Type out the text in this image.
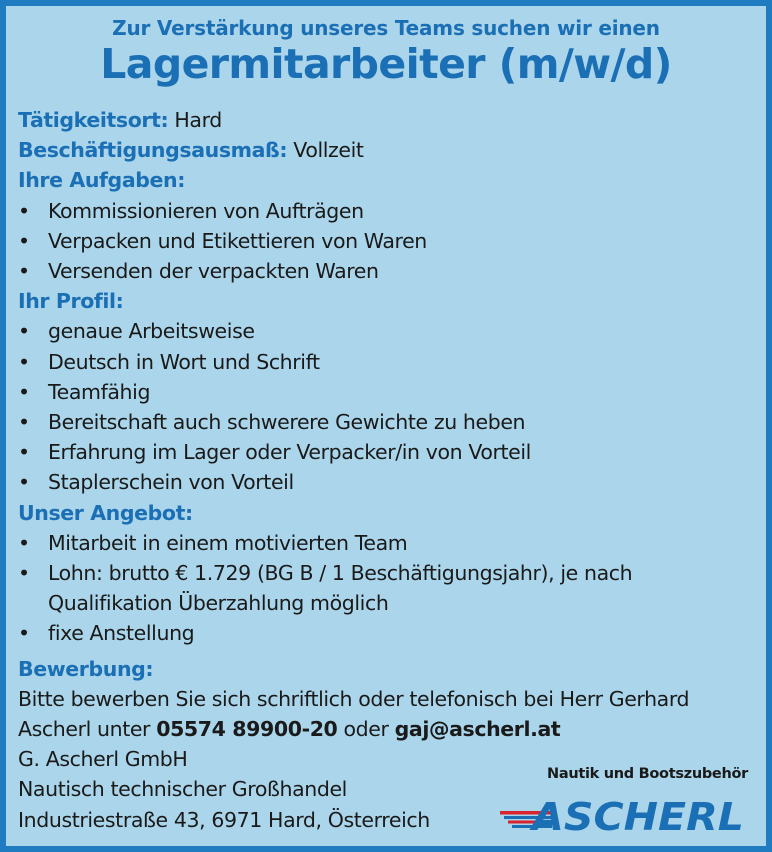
Zur Verstärkung unseres Teams suchen wir einen
Lagermitarbeiter (m/w/d)
Tätigkeitsort: Hard
Beschäftigungsausmaß: Vollzeit
Ihre Aufgaben:
• Kommissionieren von Aufträgen
• Verpacken und Etikettieren von Waren
• Versenden der verpackten Waren
Ihr Profil:
• genaue Arbeitsweise
• Deutsch in Wort und Schrift
• Teamfähig
• Bereitschaft auch schwerere Gewichte zu heben
• Erfahrung im Lager oder Verpacker/in von Vorteil
• Staplerschein von Vorteil
Unser Angebot:
• Mitarbeit in einem motivierten Team
• Lohn: brutto € 1.729 (BG B / 1 Beschäftigungsjahr), je nach
Qualifikation Überzahlung möglich
• fixe Anstellung
Bewerbung:
Bitte bewerben Sie sich schriftlich oder telefonisch bei Herr Gerhard
Ascherl unter 05574 89900-20 oder gaj@ascherl.at
G. Ascherl GmbH
Nautisch technischer Großhandel
Industriestraße 43, 6971 Hard, Österreich
Nautik und Bootszubehör
ASCHERL
